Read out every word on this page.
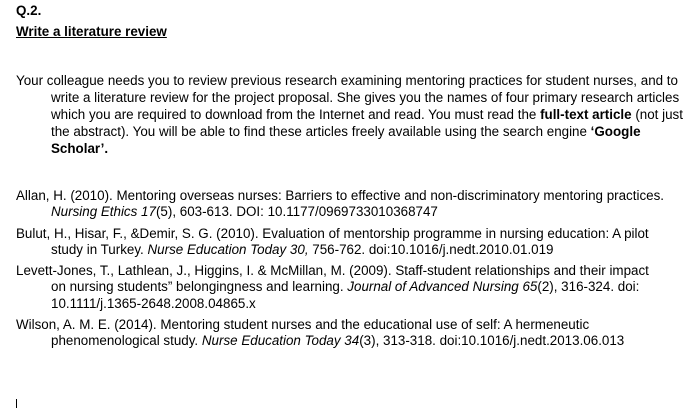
Q.2.
Write a literature review
Your colleague needs you to review previous research examining mentoring practices for student nurses, and to write a literature review for the project proposal. She gives you the names of four primary research articles which you are required to download from the Internet and read. You must read the full-text article (not just the abstract). You will be able to find these articles freely available using the search engine ‘Google Scholar’.
Allan, H. (2010). Mentoring overseas nurses: Barriers to effective and non-discriminatory mentoring practices. Nursing Ethics 17(5), 603-613. DOI: 10.1177/0969733010368747
Bulut, H., Hisar, F., &Demir, S. G. (2010). Evaluation of mentorship programme in nursing education: A pilot study in Turkey. Nurse Education Today 30, 756-762. doi:10.1016/j.nedt.2010.01.019
Levett-Jones, T., Lathlean, J., Higgins, I. & McMillan, M. (2009). Staff-student relationships and their impact on nursing students” belongingness and learning. Journal of Advanced Nursing 65(2), 316-324. doi: 10.1111/j.1365-2648.2008.04865.x
Wilson, A. M. E. (2014). Mentoring student nurses and the educational use of self: A hermeneutic phenomenological study. Nurse Education Today 34(3), 313-318. doi:10.1016/j.nedt.2013.06.013
